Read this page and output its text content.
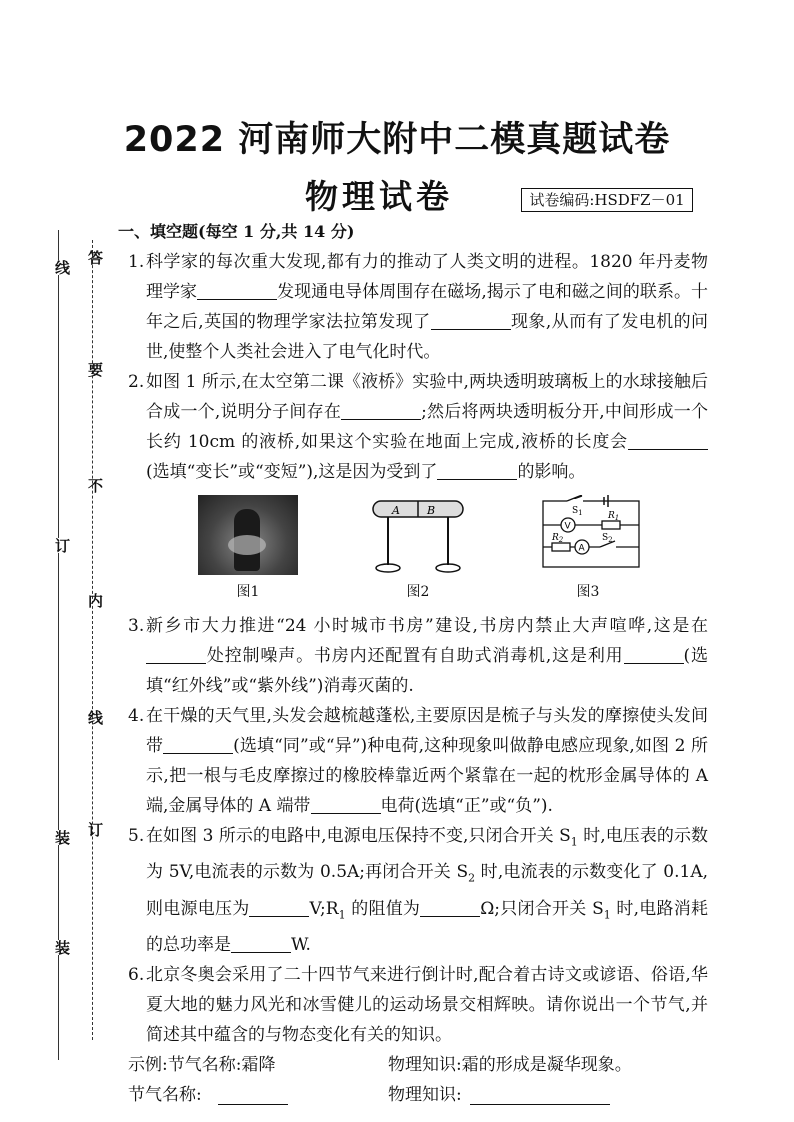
答
要
不
内
线
订
线
订
装
装
2022 河南师大附中二模真题试卷
物理试卷	试卷编码:HSDFZ－01
一、填空题(每空 1 分,共 14 分)
1. 科学家的每次重大发现,都有力的推动了人类文明的进程。1820 年丹麦物理学家	发现通电导体周围存在磁场,揭示了电和磁之间的联系。十年之后,英国的物理学家法拉第发现了	现象,从而有了发电机的问世,使整个人类社会进入了电气化时代。
2. 如图 1 所示,在太空第二课《液桥》实验中,两块透明玻璃板上的水球接触后合成一个,说明分子间存在	;然后将两块透明板分开,中间形成一个长约 10cm 的液桥,如果这个实验在地面上完成,液桥的长度会(选填“变长”或“变短”),这是因为受到了	的影响。
图1
A B
图2
$S_1$
V
$R_1$
$R_2$
A
$S_2$
图3
3. 新乡市大力推进“24 小时城市书房”建设,书房内禁止大声喧哗,这是在处控制噪声。书房内还配置有自助式消毒机,这是利用	(选填“红外线”或“紫外线”)消毒灭菌的.
4. 在干燥的天气里,头发会越梳越蓬松,主要原因是梳子与头发的摩擦使头发间带	(选填“同”或“异”)种电荷,这种现象叫做静电感应现象,如图 2 所示,把一根与毛皮摩擦过的橡胶棒靠近两个紧靠在一起的枕形金属导体的 A 端,金属导体的 A 端带	电荷(选填“正”或“负”).
5. 在如图 3 所示的电路中,电源电压保持不变,只闭合开关 $S_1$ 时,电压表的示数为 5V,电流表的示数为 0.5A;再闭合开关 $S_2$ 时,电流表的示数变化了 0.1A,则电源电压为	$V;R_1$ 的阻值为	Ω;只闭合开关 $S_1$ 时,电路消耗的总功率是	W.
6. 北京冬奥会采用了二十四节气来进行倒计时,配合着古诗文或谚语、俗语,华夏大地的魅力风光和冰雪健儿的运动场景交相辉映。请你说出一个节气,并简述其中蕴含的与物态变化有关的知识。
示例:节气名称:霜降	物理知识:霜的形成是凝华现象。
节气名称:	物理知识:
